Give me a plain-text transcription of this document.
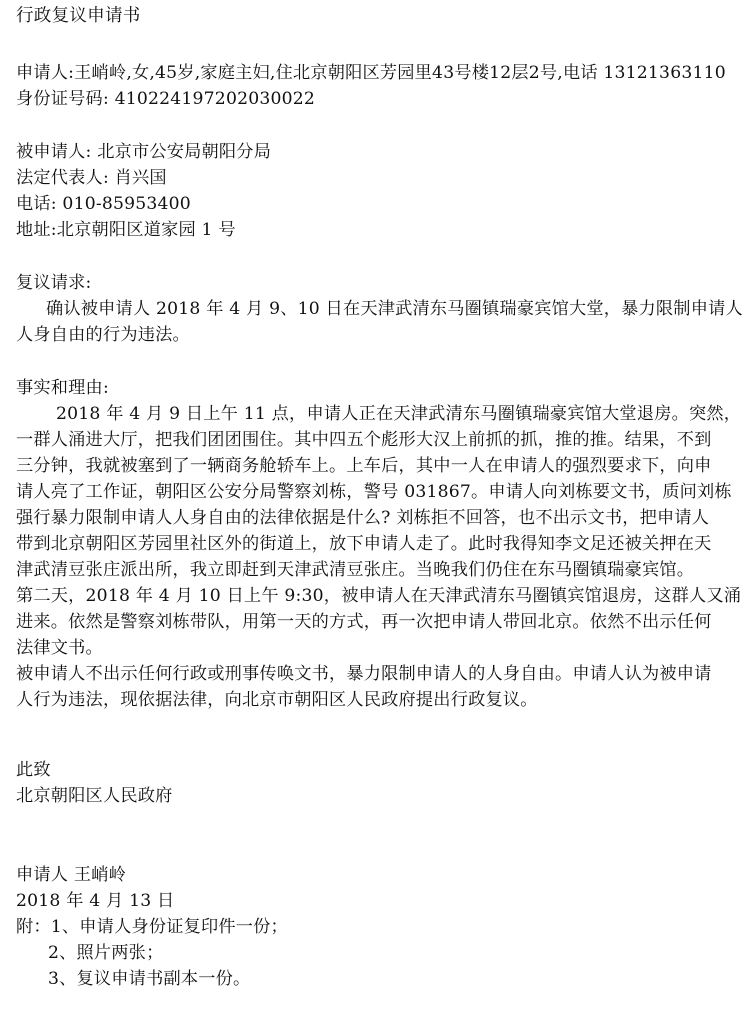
行政复议申请书
申请人:王峭岭,女,45岁,家庭主妇,住北京朝阳区芳园里43号楼12层2号,电话 13121363110
身份证号码: 410224197202030022
被申请人: 北京市公安局朝阳分局
法定代表人: 肖兴国
电话: 010-85953400
地址:北京朝阳区道家园 1 号
复议请求:
确认被申请人 2018 年 4 月 9、10 日在天津武清东马圈镇瑞豪宾馆大堂，暴力限制申请人
人身自由的行为违法。
事实和理由:
2018 年 4 月 9 日上午 11 点，申请人正在天津武清东马圈镇瑞豪宾馆大堂退房。突然，
一群人涌进大厅，把我们团团围住。其中四五个彪形大汉上前抓的抓，推的推。结果，不到
三分钟，我就被塞到了一辆商务舱轿车上。上车后，其中一人在申请人的强烈要求下，向申
请人亮了工作证，朝阳区公安分局警察刘栋，警号 031867。申请人向刘栋要文书，质问刘栋
强行暴力限制申请人人身自由的法律依据是什么? 刘栋拒不回答，也不出示文书，把申请人
带到北京朝阳区芳园里社区外的街道上，放下申请人走了。此时我得知李文足还被关押在天
津武清豆张庄派出所，我立即赶到天津武清豆张庄。当晚我们仍住在东马圈镇瑞豪宾馆。
第二天，2018 年 4 月 10 日上午 9:30，被申请人在天津武清东马圈镇宾馆退房，这群人又涌
进来。依然是警察刘栋带队，用第一天的方式，再一次把申请人带回北京。依然不出示任何
法律文书。
被申请人不出示任何行政或刑事传唤文书，暴力限制申请人的人身自由。申请人认为被申请
人行为违法，现依据法律，向北京市朝阳区人民政府提出行政复议。
此致
北京朝阳区人民政府
申请人 王峭岭
2018 年 4 月 13 日
附：1、申请人身份证复印件一份；
2、照片两张；
3、复议申请书副本一份。
